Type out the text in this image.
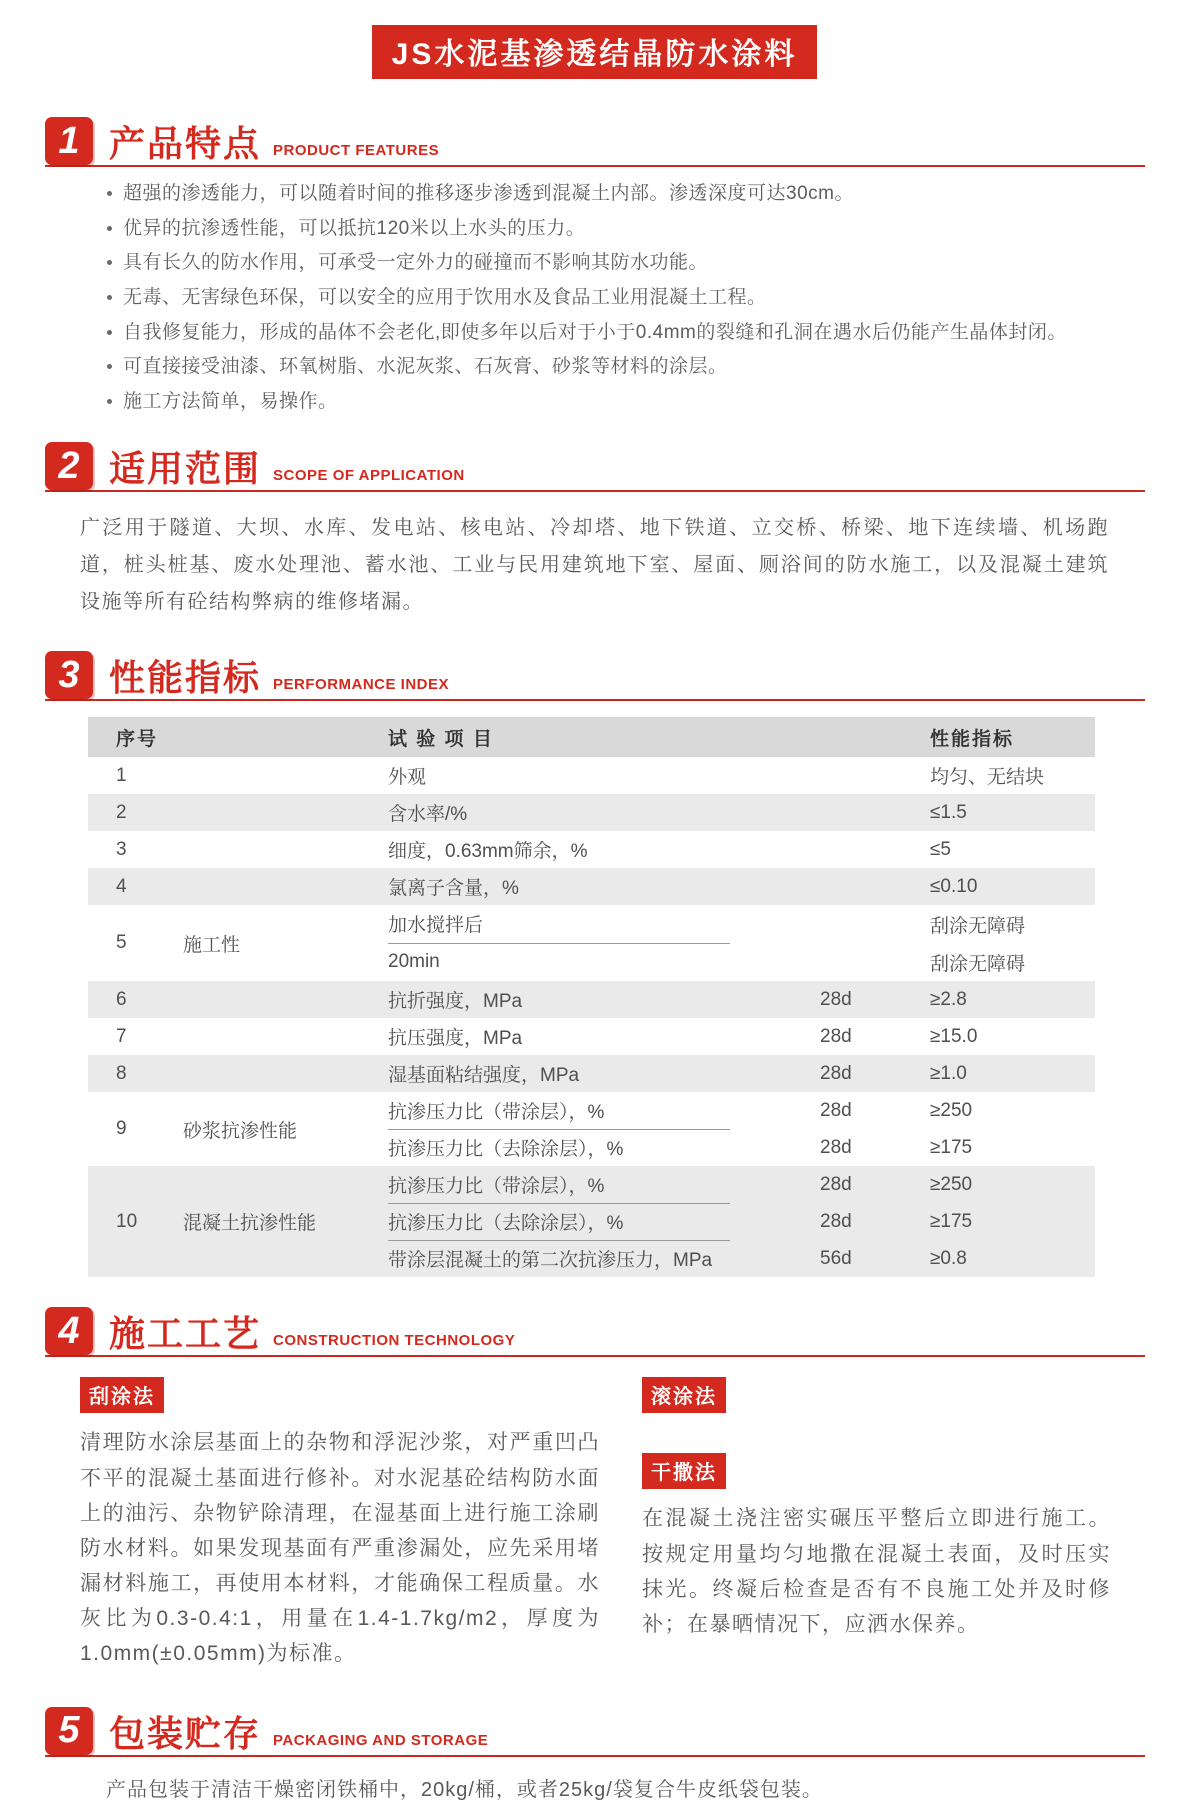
JS水泥基渗透结晶防水涂料
1 产品特点 PRODUCT FEATURES
超强的渗透能力，可以随着时间的推移逐步渗透到混凝土内部。渗透深度可达30cm。
优异的抗渗透性能，可以抵抗120米以上水头的压力。
具有长久的防水作用，可承受一定外力的碰撞而不影响其防水功能。
无毒、无害绿色环保，可以安全的应用于饮用水及食品工业用混凝土工程。
自我修复能力，形成的晶体不会老化,即使多年以后对于小于0.4mm的裂缝和孔洞在遇水后仍能产生晶体封闭。
可直接接受油漆、环氧树脂、水泥灰浆、石灰膏、砂浆等材料的涂层。
施工方法简单，易操作。
2 适用范围 SCOPE OF APPLICATION
广泛用于隧道、大坝、水库、发电站、核电站、冷却塔、地下铁道、立交桥、桥梁、地下连续墙、机场跑道，桩头桩基、废水处理池、蓄水池、工业与民用建筑地下室、屋面、厕浴间的防水施工，以及混凝土建筑设施等所有砼结构弊病的维修堵漏。
3 性能指标 PERFORMANCE INDEX
序号	试 验 项 目	性能指标
1	外观	均匀、无结块
2	含水率/%	≤1.5
3	细度，0.63mm筛余，%	≤5
4	氯离子含量，%	≤0.10
5	施工性
加水搅拌后	刮涂无障碍
20min	刮涂无障碍
6	抗折强度，MPa	28d	≥2.8
7	抗压强度，MPa	28d	≥15.0
8	湿基面粘结强度，MPa	28d	≥1.0
9	砂浆抗渗性能
抗渗压力比（带涂层），%	28d	≥250
抗渗压力比（去除涂层），%	28d	≥175
10	混凝土抗渗性能
抗渗压力比（带涂层），%	28d	≥250
抗渗压力比（去除涂层），%	28d	≥175
带涂层混凝土的第二次抗渗压力，MPa	56d	≥0.8
4 施工工艺 CONSTRUCTION TECHNOLOGY
刮涂法
清理防水涂层基面上的杂物和浮泥沙浆，对严重凹凸不平的混凝土基面进行修补。对水泥基砼结构防水面上的油污、杂物铲除清理，在湿基面上进行施工涂刷防水材料。如果发现基面有严重渗漏处，应先采用堵漏材料施工，再使用本材料，才能确保工程质量。水灰比为0.3-0.4:1，用量在1.4-1.7kg/m2，厚度为1.0mm(±0.05mm)为标准。
滚涂法
干撒法
在混凝土浇注密实碾压平整后立即进行施工。按规定用量均匀地撒在混凝土表面，及时压实抹光。终凝后检查是否有不良施工处并及时修补；在暴晒情况下，应洒水保养。
5 包装贮存 PACKAGING AND STORAGE
产品包装于清洁干燥密闭铁桶中，20kg/桶，或者25kg/袋复合牛皮纸袋包装。
